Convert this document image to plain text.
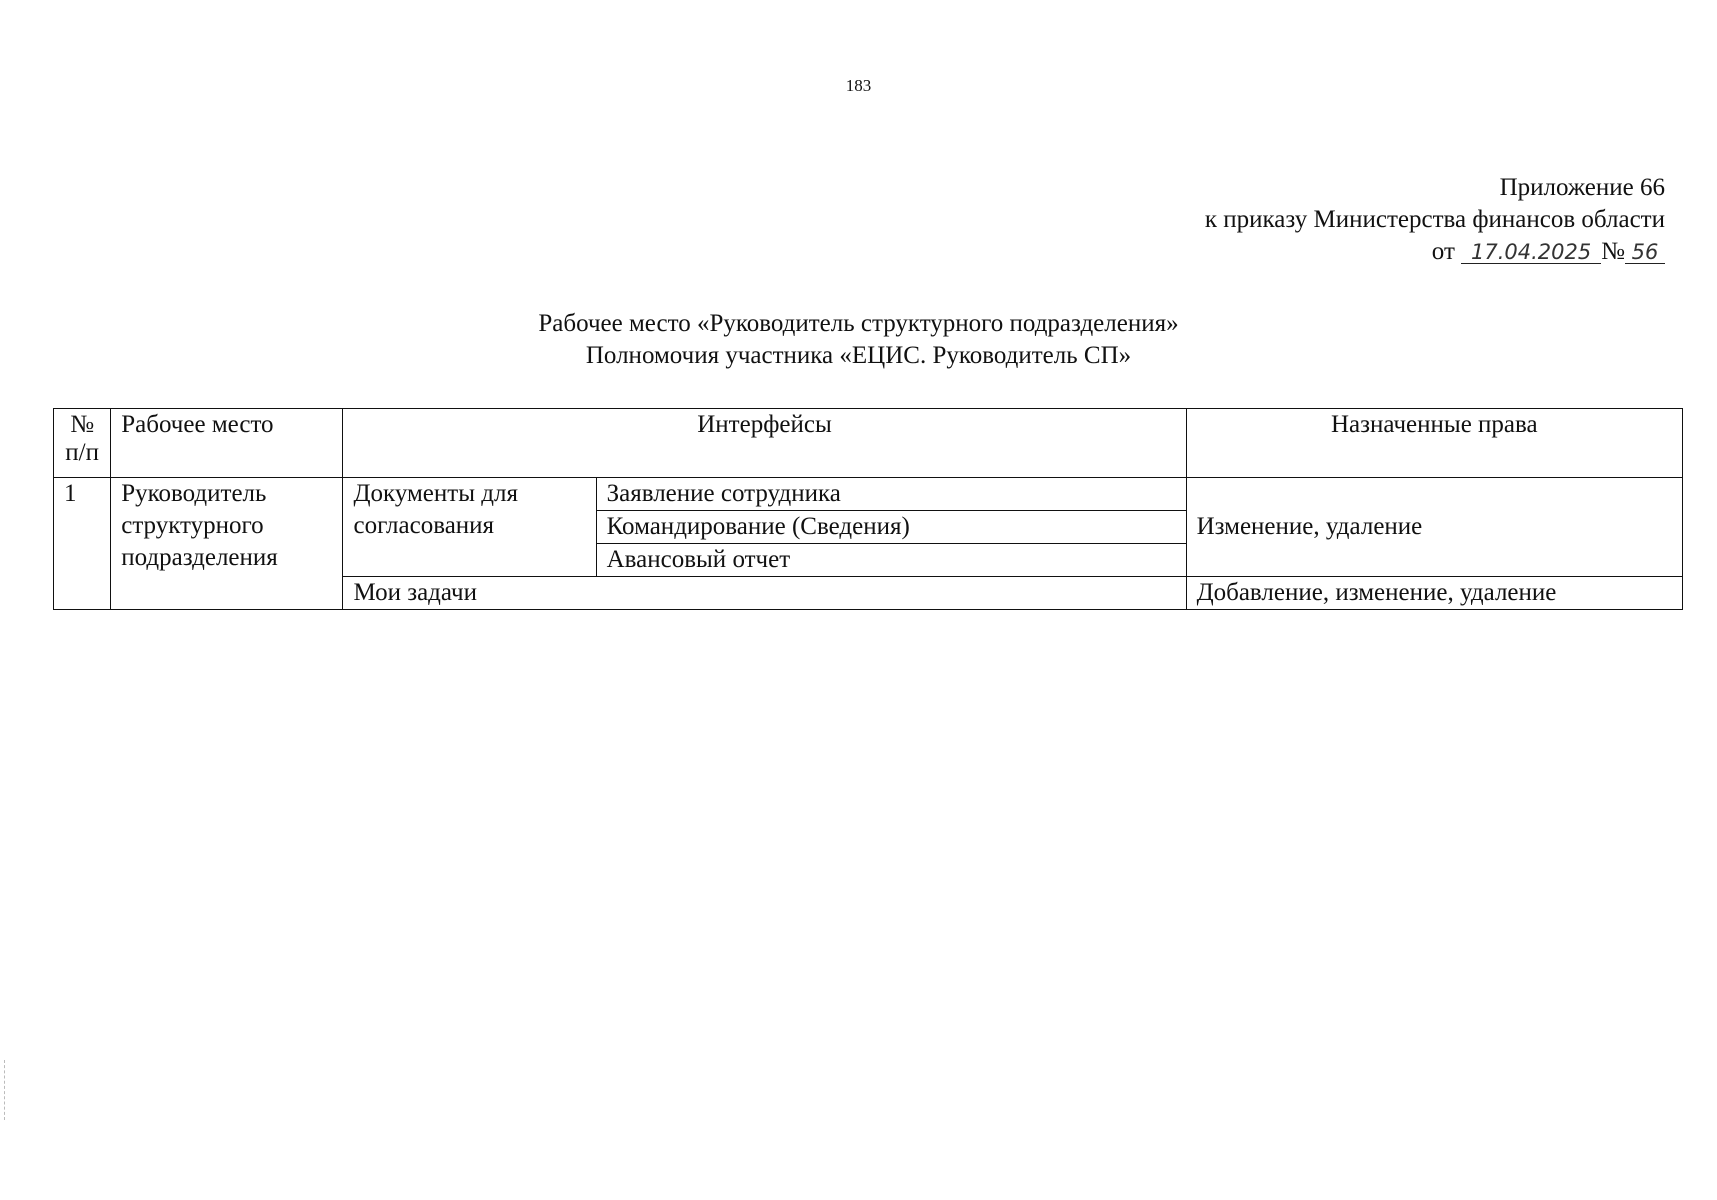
183
Приложение 66
к приказу Министерства финансов области
от 17.04.2025 № 56
Рабочее место «Руководитель структурного подразделения»
Полномочия участника «ЕЦИС. Руководитель СП»
№ п/п	Рабочее место	Интерфейсы		Назначенные права
1	Руководитель структурного подразделения	Документы для согласования	Заявление сотрудника	Изменение, удаление
			Командирование (Сведения)	
			Авансовый отчет	
		Мои задачи		Добавление, изменение, удаление
